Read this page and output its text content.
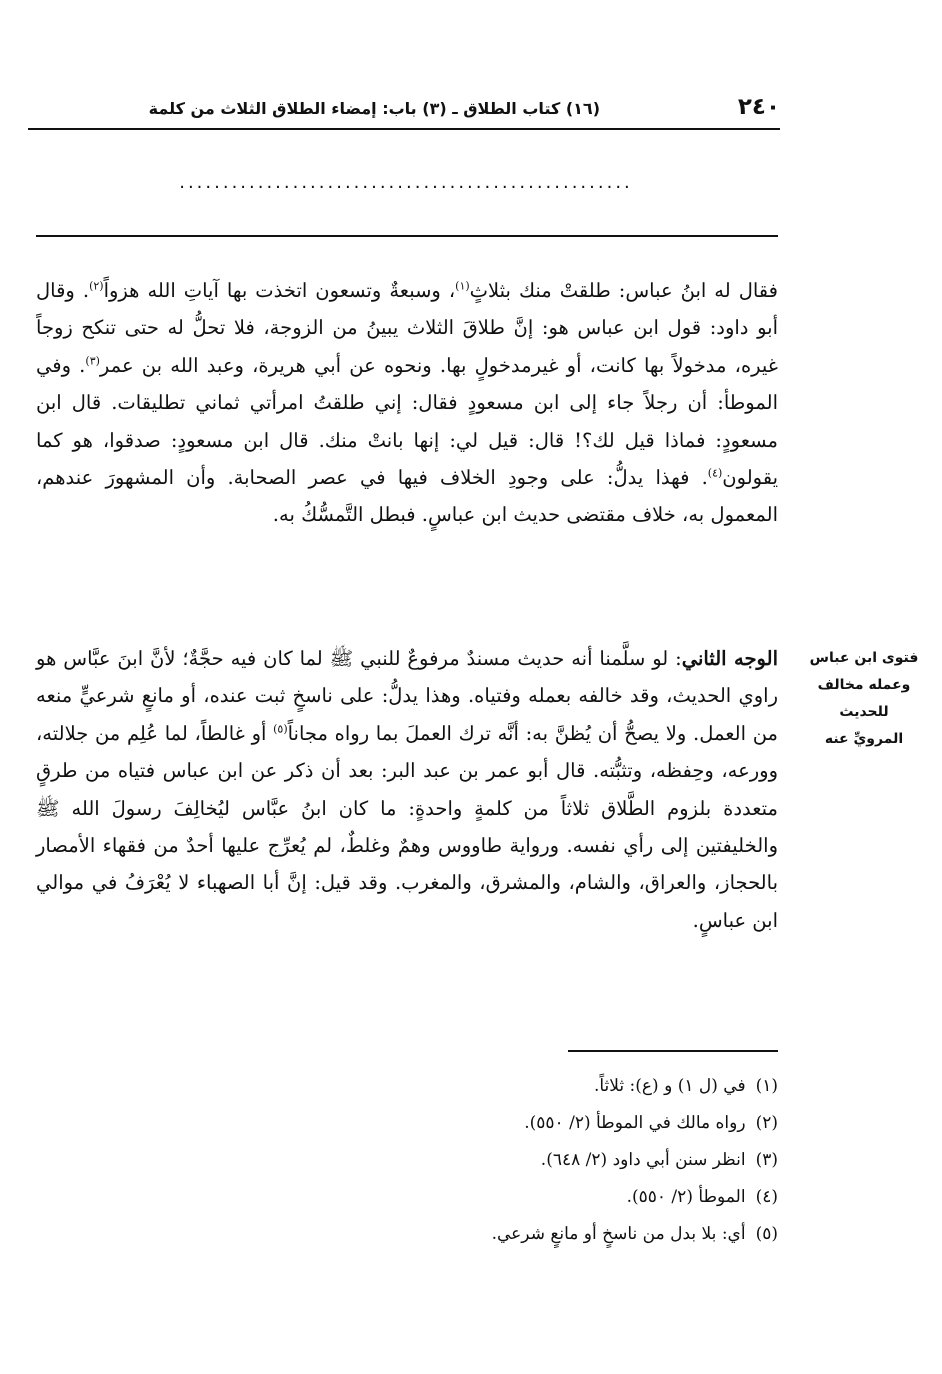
٢٤٠
(١٦) كتاب الطلاق ـ (٣) باب: إمضاء الطلاق الثلاث من كلمة
....................................................
فقال له ابنُ عباس: طلقتْ منك بثلاثٍ$^{(١)}$، وسبعةٌ وتسعون اتخذت بها آياتِ الله هزواً$^{(٢)}$. وقال أبو داود: قول ابن عباس هو: إنَّ طلاقَ الثلاث يبينُ من الزوجة، فلا تحلُّ له حتى تنكح زوجاً غيره، مدخولاً بها كانت، أو غيرمدخولٍ بها. ونحوه عن أبي هريرة، وعبد الله بن عمر$^{(٣)}$. وفي الموطأ: أن رجلاً جاء إلى ابن مسعودٍ فقال: إني طلقتُ امرأتي ثماني تطليقات. قال ابن مسعودٍ: فماذا قيل لك؟! قال: قيل لي: إنها بانتْ منك. قال ابن مسعودٍ: صدقوا، هو كما يقولون$^{(٤)}$. فهذا يدلُّ: على وجودِ الخلاف فيها في عصر الصحابة. وأن المشهورَ عندهم، المعمول به، خلاف مقتضى حديث ابن عباسٍ. فبطل التَّمسُّكُ به.
فتوى ابن عباس
وعمله مخالف
للحديث
المرويِّ عنه
الوجه الثاني: لو سلَّمنا أنه حديث مسندٌ مرفوعٌ للنبي ﷺ لما كان فيه حجَّةٌ؛ لأنَّ ابنَ عبَّاس هو راوي الحديث، وقد خالفه بعمله وفتياه. وهذا يدلُّ: على ناسخٍ ثبت عنده، أو مانعٍ شرعيٍّ منعه من العمل. ولا يصحُّ أن يُظنَّ به: أنَّه ترك العملَ بما رواه مجاناً$^{(٥)}$ أو غالطاً، لما عُلِم من جلالته، وورعه، وحِفظه، وتثبُّته. قال أبو عمر بن عبد البر: بعد أن ذكر عن ابن عباس فتياه من طرقٍ متعددة بلزوم الطَّلاق ثلاثاً من كلمةٍ واحدةٍ: ما كان ابنُ عبَّاس ليُخالِفَ رسولَ الله ﷺ والخليفتين إلى رأي نفسه. ورواية طاووس وهمٌ وغلطٌ، لم يُعرِّج عليها أحدٌ من فقهاء الأمصار بالحجاز، والعراق، والشام، والمشرق، والمغرب. وقد قيل: إنَّ أبا الصهباء لا يُعْرَفُ في موالي ابن عباسٍ.
(١)في (ل ١) و (ع): ثلاثاً.
(٢)رواه مالك في الموطأ (٢/ ٥٥٠).
(٣)انظر سنن أبي داود (٢/ ٦٤٨).
(٤)الموطأ (٢/ ٥٥٠).
(٥)أي: بلا بدل من ناسخٍ أو مانعٍ شرعي.
